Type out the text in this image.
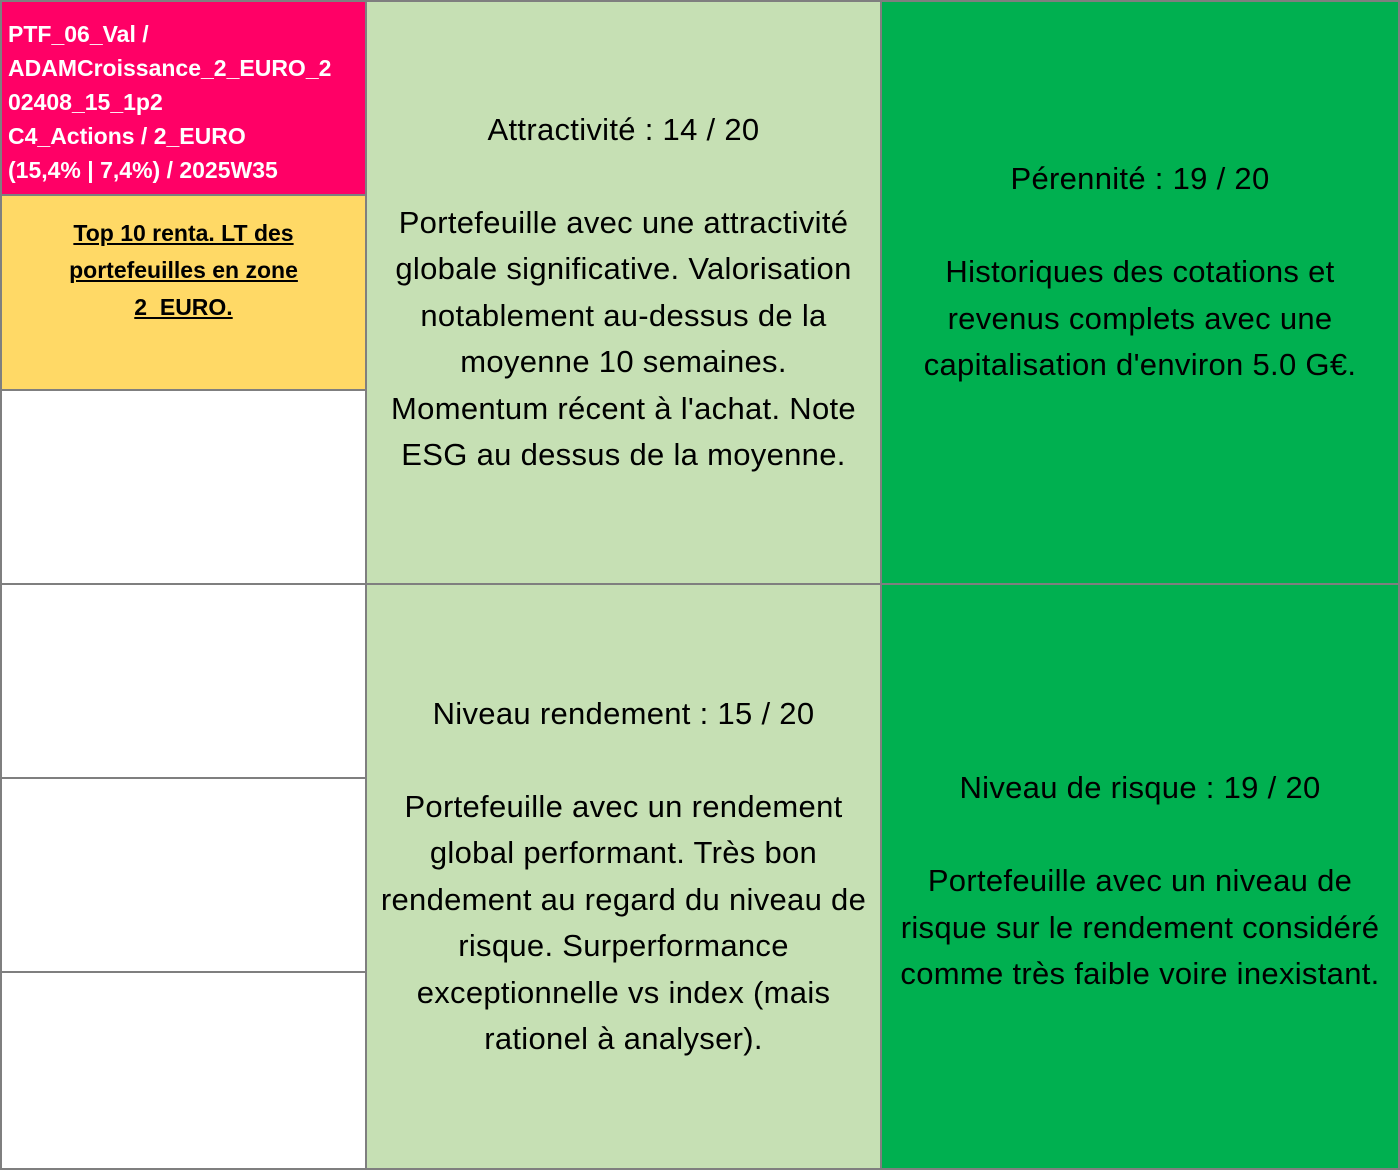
PTF_06_Val /
ADAMCroissance_2_EURO_2
02408_15_1p2
C4_Actions / 2_EURO
(15,4% | 7,4%) / 2025W35
Top 10 renta. LT des
portefeuilles en zone
2_EURO.
Attractivité : 14 / 20
Portefeuille avec une attractivité globale significative. Valorisation notablement au-dessus de la moyenne 10 semaines. Momentum récent à l'achat. Note ESG au dessus de la moyenne.
Pérennité : 19 / 20
Historiques des cotations et revenus complets avec une capitalisation d'environ 5.0 G€.
Niveau rendement : 15 / 20
Portefeuille avec un rendement global performant. Très bon rendement au regard du niveau de risque. Surperformance exceptionnelle vs index (mais rationel à analyser).
Niveau de risque : 19 / 20
Portefeuille avec un niveau de risque sur le rendement considéré comme très faible voire inexistant.
